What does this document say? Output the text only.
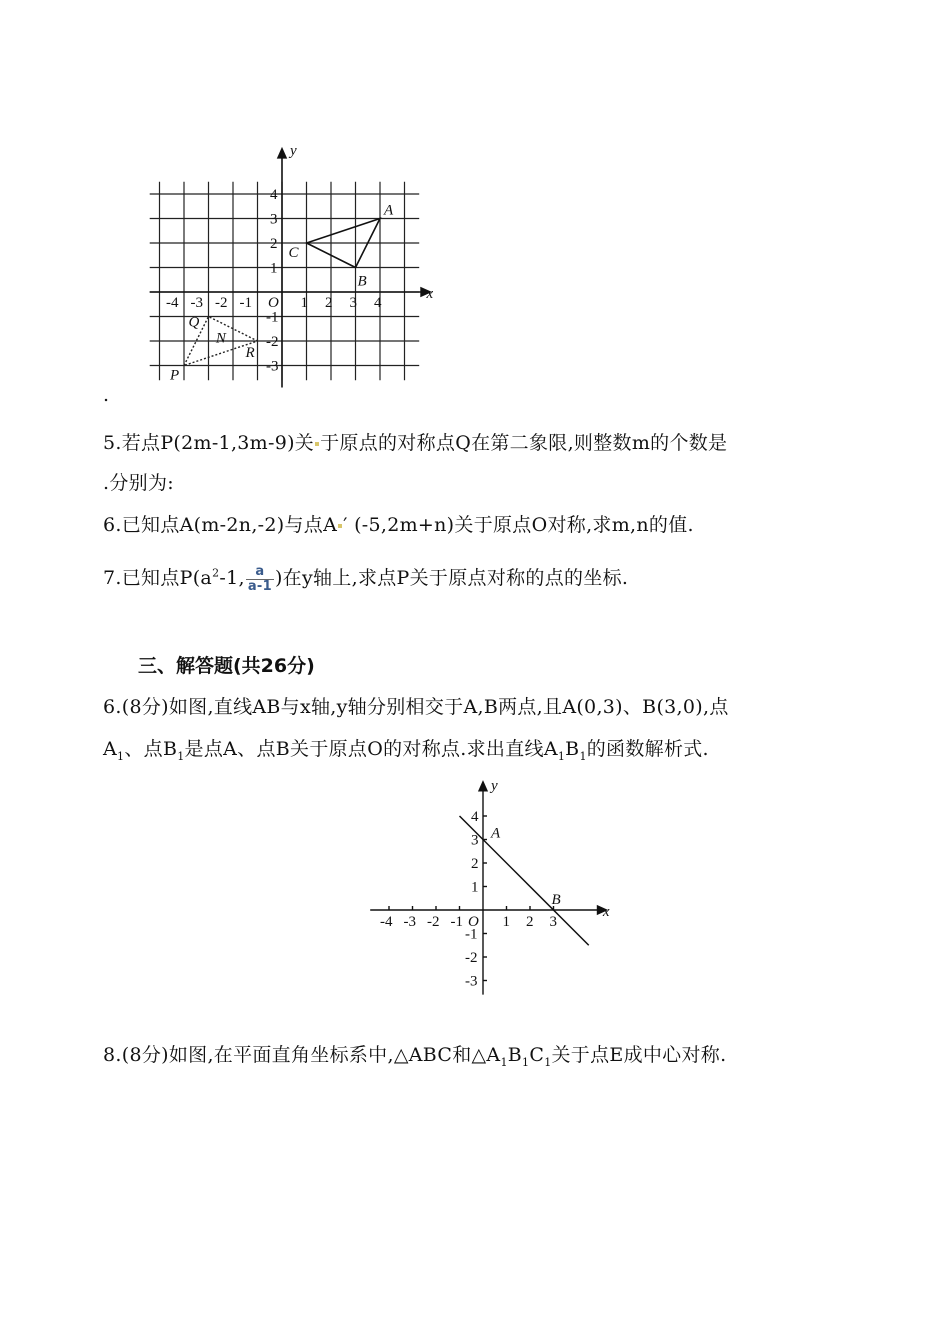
-4 -3 -2 -1	1 2 3 4
4
3
2
1
-1
-2
-3
O
x
y
A
B
C
P
Q
R
N
.
5.若点P(2m-1,3m-9)关 于原点的对称点Q在第二象限,则整数m的个数是
.分别为:
6.已知点A(m-2n,-2)与点A ′ (-5,2m+n)关于原点O对称,求m,n的值.
7.已知点$P(a^2-1$, $\frac{a}{a-1}$ )在y轴上,求点P关于原点对称的点的坐标.
三、解答题(共26分)
6.(8分)如图,直线AB与x轴,y轴分别相交于A,B两点,且A(0,3)、B(3,0),点
$A_1$、点$B_1$是点A、点B关于原点O的对称点.求出直线$A_1B_1$的函数解析式.
-4 -3 -2 -1	1 2 3
4
3
2
1
-1
-2
-3
O
x
y
A
B
8.(8分)如图,在平面直角坐标系中,△ABC和$\triangle A_1B_1C_1$关于点E成中心对称.
